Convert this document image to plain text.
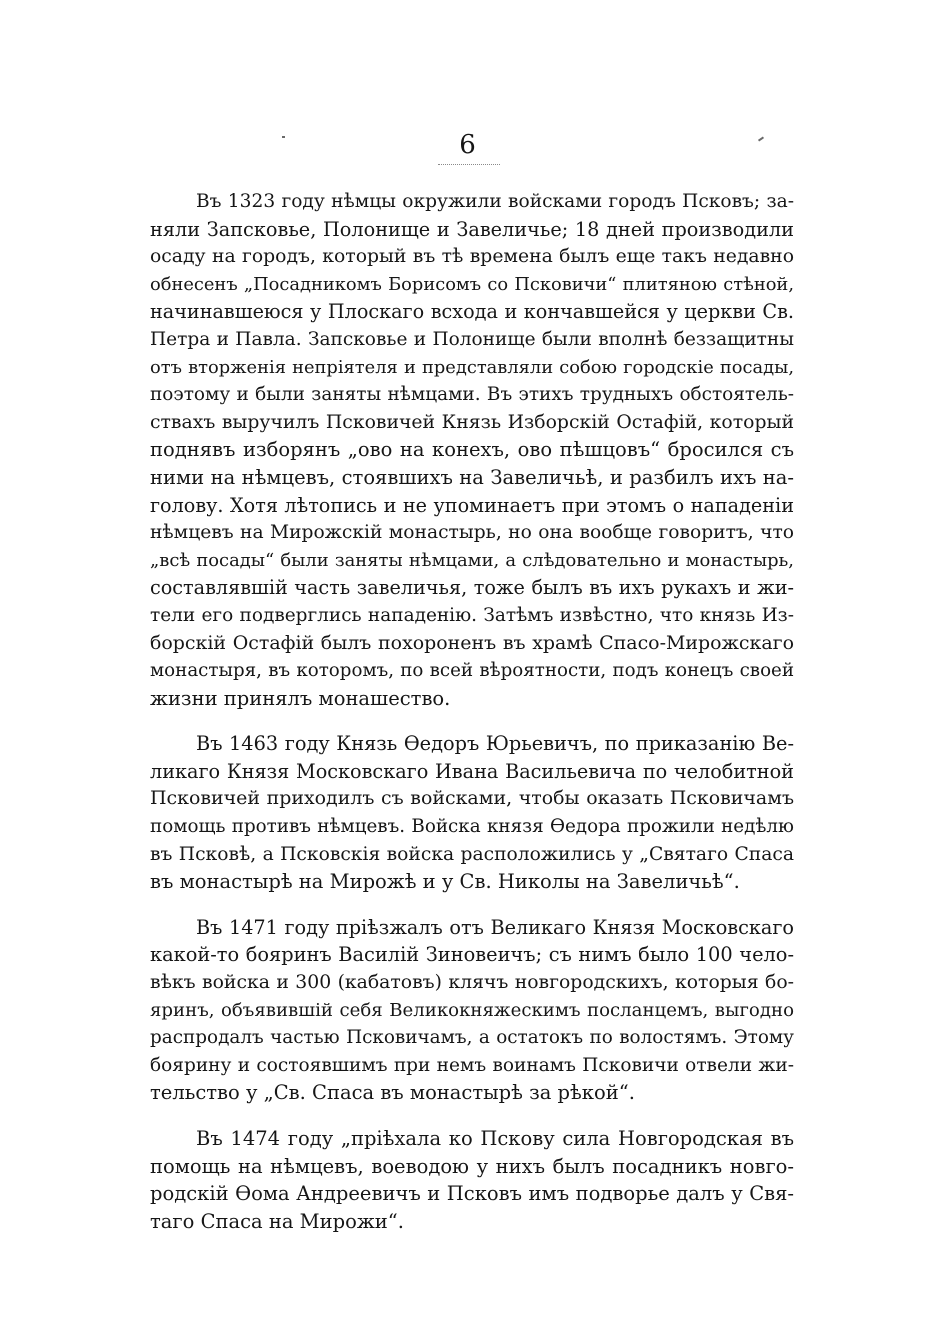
6
Въ 1323 году нѣмцы окружили войсками городъ Псковъ; за-
няли Запсковье, Полонище и Завеличье; 18 дней производили
осаду на городъ, который въ тѣ времена былъ еще такъ недавно
обнесенъ „Посадникомъ Борисомъ со Псковичи“ плитяною стѣной,
начинавшеюся у Плоскаго всхода и кончавшейся у церкви Св.
Петра и Павла. Запсковье и Полонище были вполнѣ беззащитны
отъ вторженія непріятеля и представляли собою городскіе посады,
поэтому и были заняты нѣмцами. Въ этихъ трудныхъ обстоятель-
ствахъ выручилъ Псковичей Князь Изборскій Остафій, который
поднявъ изборянъ „ово на конехъ, ово пѣшцовъ“ бросился съ
ними на нѣмцевъ, стоявшихъ на Завеличьѣ, и разбилъ ихъ на-
голову. Хотя лѣтопись и не упоминаетъ при этомъ о нападеніи
нѣмцевъ на Мирожскій монастырь, но она вообще говоритъ, что
„всѣ посады“ были заняты нѣмцами, а слѣдовательно и монастырь,
составлявшій часть завеличья, тоже былъ въ ихъ рукахъ и жи-
тели его подверглись нападенію. Затѣмъ извѣстно, что князь Из-
борскій Остафій былъ похороненъ въ храмѣ Спасо-Мирожскаго
монастыря, въ которомъ, по всей вѣроятности, подъ конецъ своей
жизни принялъ монашество.
Въ 1463 году Князь Ѳедоръ Юрьевичъ, по приказанію Ве-
ликаго Князя Московскаго Ивана Васильевича по челобитной
Псковичей приходилъ съ войсками, чтобы оказать Псковичамъ
помощь противъ нѣмцевъ. Войска князя Ѳедора прожили недѣлю
въ Псковѣ, а Псковскія войска расположились у „Святаго Спаса
въ монастырѣ на Мирожѣ и у Св. Николы на Завеличьѣ“.
Въ 1471 году пріѣзжалъ отъ Великаго Князя Московскаго
какой-то бояринъ Василій Зиновеичъ; съ нимъ было 100 чело-
вѣкъ войска и 300 (кабатовъ) клячъ новгородскихъ, которыя бо-
яринъ, объявившій себя Великокняжескимъ посланцемъ, выгодно
распродалъ частью Псковичамъ, а остатокъ по волостямъ. Этому
боярину и состоявшимъ при немъ воинамъ Псковичи отвели жи-
тельство у „Св. Спаса въ монастырѣ за рѣкой“.
Въ 1474 году „пріѣхала ко Пскову сила Новгородская въ
помощь на нѣмцевъ, воеводою у нихъ былъ посадникъ новго-
родскій Ѳома Андреевичъ и Псковъ имъ подворье далъ у Свя-
таго Спаса на Мирожи“.
